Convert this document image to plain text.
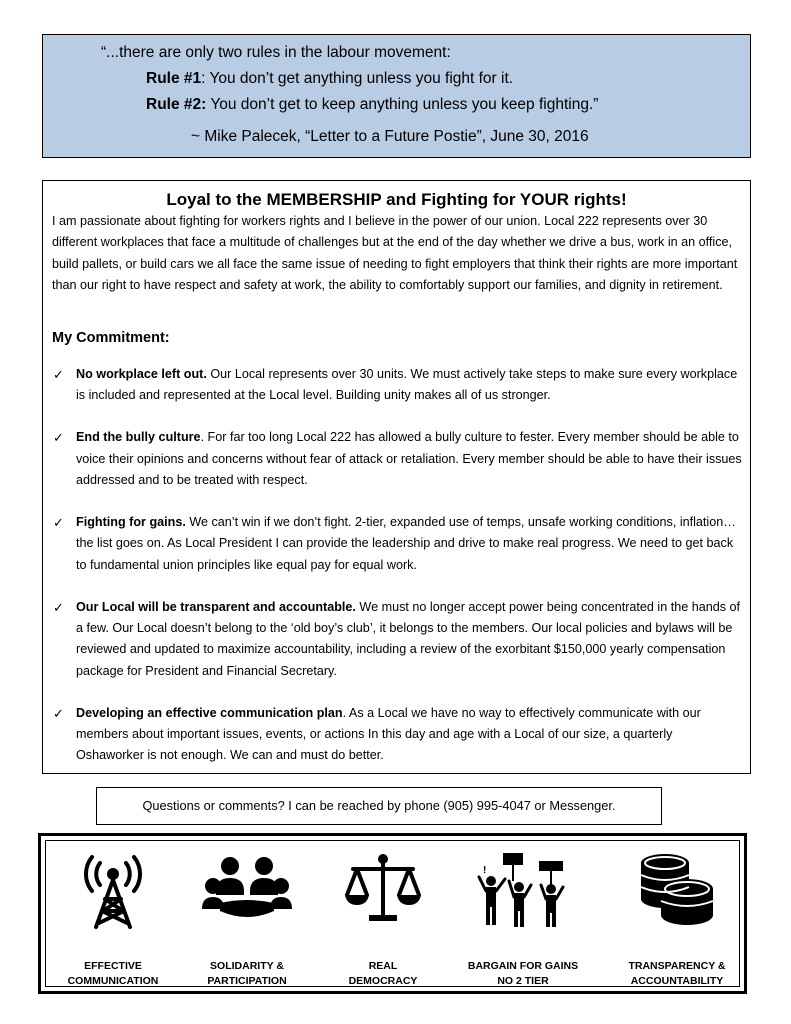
“...there are only two rules in the labour movement:
Rule #1: You don’t get anything unless you fight for it.
Rule #2: You don’t get to keep anything unless you keep fighting.”
~ Mike Palecek, “Letter to a Future Postie”, June 30, 2016
Loyal to the MEMBERSHIP and Fighting for YOUR rights!

I am passionate about fighting for workers rights and I believe in the power of our union. Local 222 represents over 30 different workplaces that face a multitude of challenges but at the end of the day whether we drive a bus, work in an office, build pallets, or build cars we all face the same issue of needing to fight employers that think their rights are more important than our right to have respect and safety at work, the ability to comfortably support our families, and dignity in retirement.

My Commitment:
✓ No workplace left out. Our Local represents over 30 units. We must actively take steps to make sure every workplace is included and represented at the Local level. Building unity makes all of us stronger.

✓ End the bully culture. For far too long Local 222 has allowed a bully culture to fester. Every member should be able to voice their opinions and concerns without fear of attack or retaliation. Every member should be able to have their issues addressed and to be treated with respect.

✓ Fighting for gains. We can’t win if we don’t fight. 2-tier, expanded use of temps, unsafe working conditions, inflation…the list goes on. As Local President I can provide the leadership and drive to make real progress. We need to get back to fundamental union principles like equal pay for equal work.

✓ Our Local will be transparent and accountable. We must no longer accept power being concentrated in the hands of a few. Our Local doesn’t belong to the ‘old boy’s club’, it belongs to the members. Our local policies and bylaws will be reviewed and updated to maximize accountability, including a review of the exorbitant $150,000 yearly compensation package for President and Financial Secretary.

✓ Developing an effective communication plan. As a Local we have no way to effectively communicate with our members about important issues, events, or actions In this day and age with a Local of our size, a quarterly Oshaworker is not enough. We can and must do better.

Questions or comments? I can be reached by phone (905) 995-4047 or Messenger.
EFFECTIVE
COMMUNICATION
SOLIDARITY &
PARTICIPATION
REAL
DEMOCRACY
!
BARGAIN FOR GAINS
NO 2 TIER
TRANSPARENCY &
ACCOUNTABILITY
